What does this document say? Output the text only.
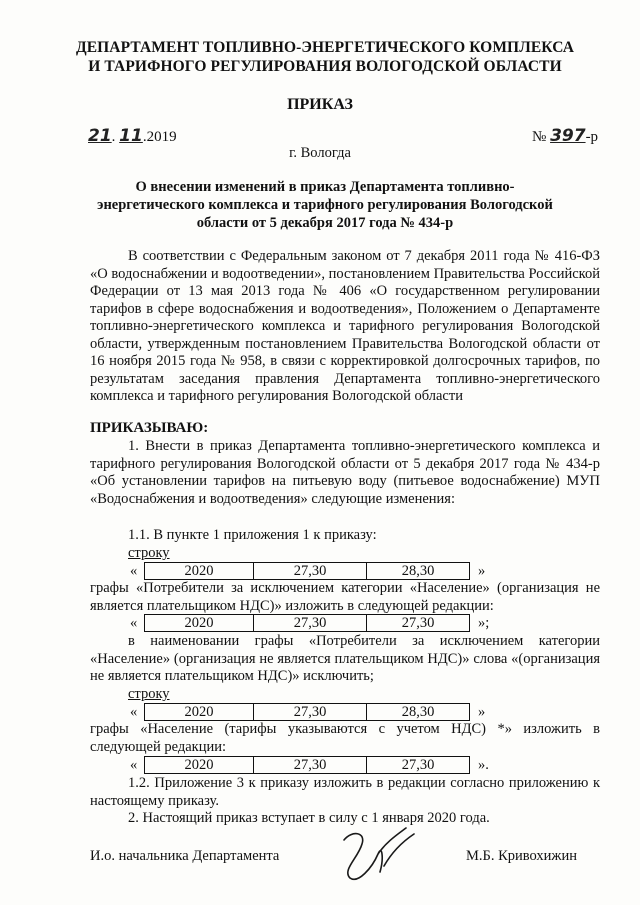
ДЕПАРТАМЕНТ ТОПЛИВНО-ЭНЕРГЕТИЧЕСКОГО КОМПЛЕКСА
И ТАРИФНОГО РЕГУЛИРОВАНИЯ ВОЛОГОДСКОЙ ОБЛАСТИ
ПРИКАЗ
21. 11.2019	№ 397-р
г. Вологда
О внесении изменений в приказ Департамента топливно-
энергетического комплекса и тарифного регулирования Вологодской
области от 5 декабря 2017 года № 434-р
В соответствии с Федеральным законом от 7 декабря 2011 года № 416-ФЗ «О водоснабжении и водоотведении», постановлением Правительства Российской Федерации от 13 мая 2013 года № 406 «О государственном регулировании тарифов в сфере водоснабжения и водоотведения», Положением о Департаменте топливно-энергетического комплекса и тарифного регулирования Вологодской области, утвержденным постановлением Правительства Вологодской области от 16 ноября 2015 года № 958, в связи с корректировкой долгосрочных тарифов, по результатам заседания правления Департамента топливно-энергетического комплекса и тарифного регулирования Вологодской области
ПРИКАЗЫВАЮ:
1. Внести в приказ Департамента топливно-энергетического комплекса и тарифного регулирования Вологодской области от 5 декабря 2017 года № 434-р «Об установлении тарифов на питьевую воду (питьевое водоснабжение) МУП «Водоснабжения и водоотведения» следующие изменения:
1.1. В пункте 1 приложения 1 к приказу:
строку
«	2020	27,30	28,30	»
графы «Потребители за исключением категории «Население» (организация не является плательщиком НДС)» изложить в следующей редакции:
«	2020	27,30	27,30	»;
в наименовании графы «Потребители за исключением категории «Население» (организация не является плательщиком НДС)» слова «(организация не является плательщиком НДС)» исключить;
строку
«	2020	27,30	28,30	»
графы «Население (тарифы указываются с учетом НДС) *» изложить в следующей редакции:
«	2020	27,30	27,30	».
1.2. Приложение 3 к приказу изложить в редакции согласно приложению к настоящему приказу.
2. Настоящий приказ вступает в силу с 1 января 2020 года.
И.о. начальника Департамента	М.Б. Кривохижин
